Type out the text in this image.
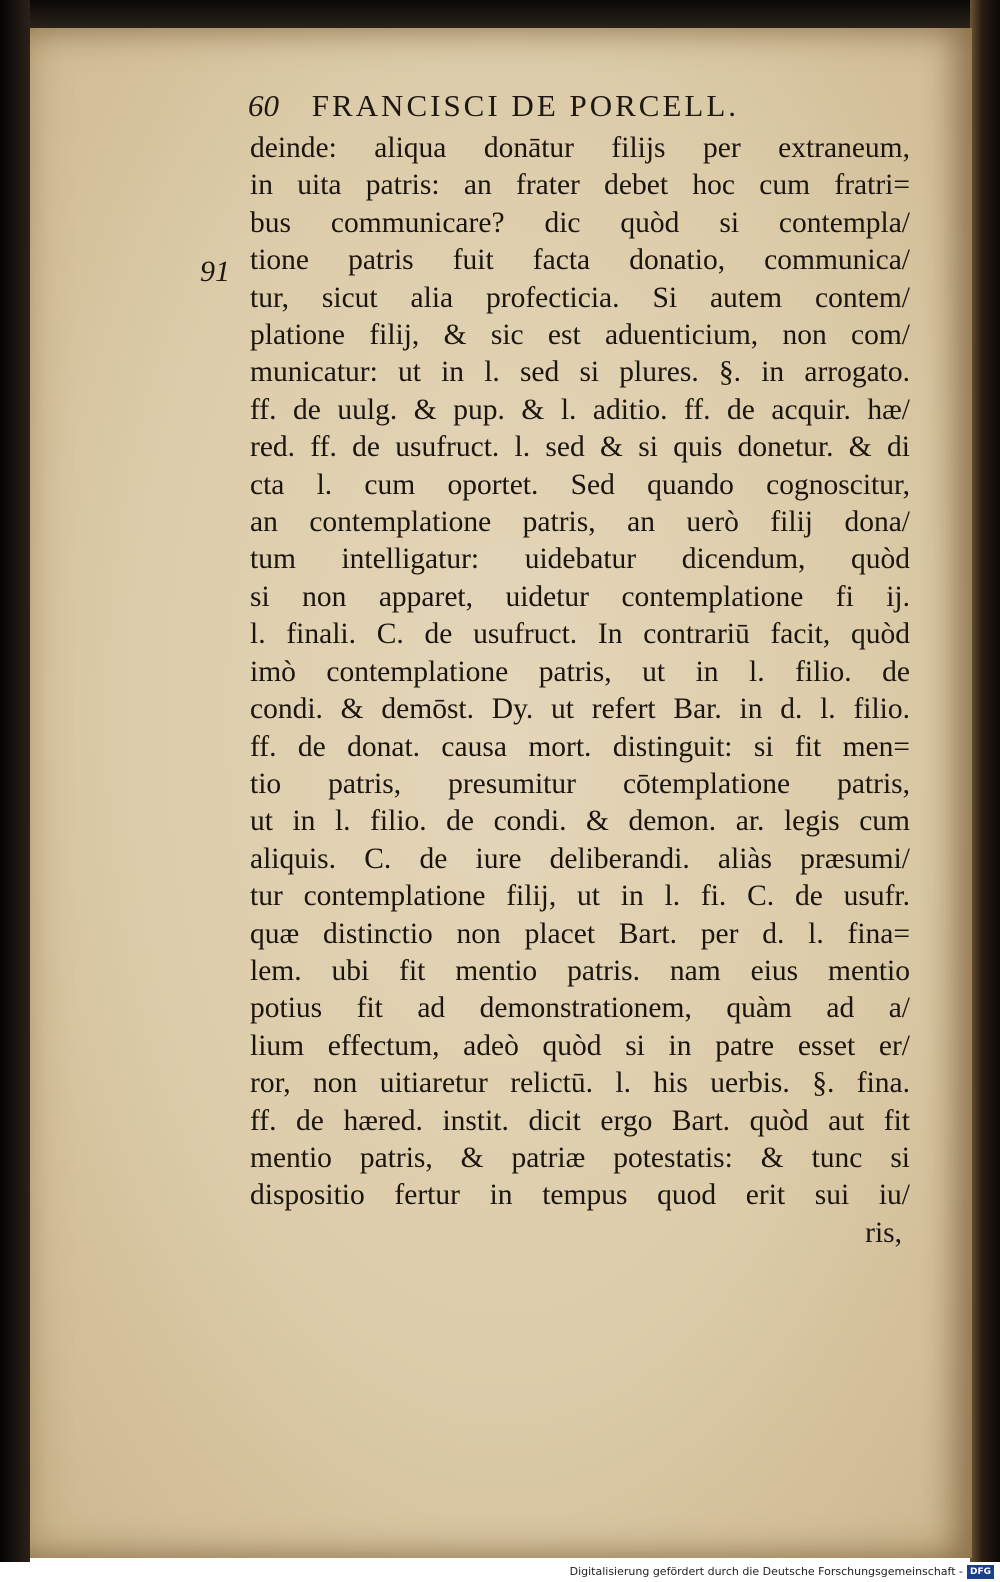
60 FRANCISCI DE PORCELL.
91
deinde: aliqua donātur filijs per extraneum,
in uita patris: an frater debet hoc cum fratri=
bus communicare? dic quòd si contempla/
tione patris fuit facta donatio, communica/
tur, sicut alia profecticia. Si autem contem/
platione filij, & sic est aduenticium, non com/
municatur: ut in l. sed si plures. §. in arrogato.
ff. de uulg. & pup. & l. aditio. ff. de acquir. hæ/
red. ff. de usufruct. l. sed & si quis donetur. & di
cta l. cum oportet. Sed quando cognoscitur,
an contemplatione patris, an uerò filij dona/
tum intelligatur: uidebatur dicendum, quòd
si non apparet, uidetur contemplatione fi ij.
l. finali. C. de usufruct. In contrariū facit, quòd
imò contemplatione patris, ut in l. filio. de
condi. & demōst. Dy. ut refert Bar. in d. l. filio.
ff. de donat. causa mort. distinguit: si fit men=
tio patris, presumitur cōtemplatione patris,
ut in l. filio. de condi. & demon. ar. legis cum
aliquis. C. de iure deliberandi. aliàs præsumi/
tur contemplatione filij, ut in l. fi. C. de usufr.
quæ distinctio non placet Bart. per d. l. fina=
lem. ubi fit mentio patris. nam eius mentio
potius fit ad demonstrationem, quàm ad a/
lium effectum, adeò quòd si in patre esset er/
ror, non uitiaretur relictū. l. his uerbis. §. fina.
ff. de hæred. instit. dicit ergo Bart. quòd aut fit
mentio patris, & patriæ potestatis: & tunc si
dispositio fertur in tempus quod erit sui iu/
ris,
Digitalisierung gefördert durch die Deutsche Forschungsgemeinschaft - DFG
